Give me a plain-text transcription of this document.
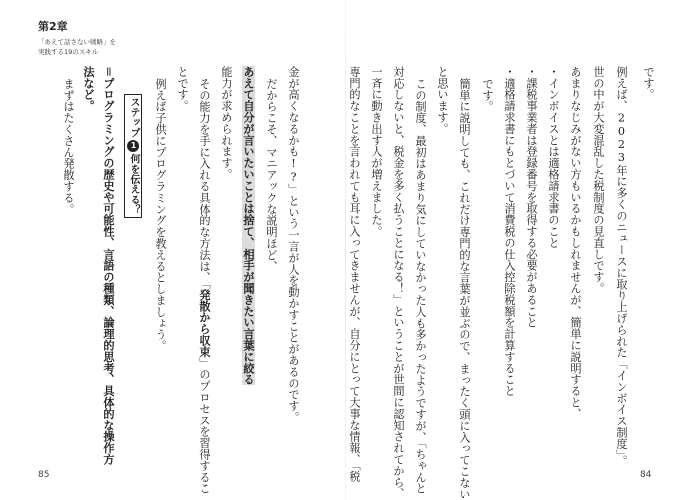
第2章
「あえて話さない戦略」を
実践する19のスキル
です。
例えば、2023年に多くのニュースに取り上げられた「インボイス制度」。
世の中が大変混乱した税制度の見直しです。
あまりなじみがない方もいるかもしれませんが、簡単に説明すると、
・インボイスとは適格請求書のこと
・課税事業者は登録番号を取得する必要があること
・適格請求書にもとづいて消費税の仕入控除税額を計算すること
です。
簡単に説明しても、これだけ専門的な言葉が並ぶので、まったく頭に入ってこない
と思います。
この制度、最初はあまり気にしていなかった人も多かったようですが、「ちゃんと
対応しないと、税金を多く払うことになる！」ということが世間に認知されてから、
一斉に動き出す人が増えました。
専門的なことを言われても耳に入ってきませんが、自分にとって大事な情報、「税
金が高くなるかも!?」という一言が人を動かすことがあるのです。
だからこそ、マニアックな説明ほど、
あえて自分が言いたいことは捨て、相手が聞きたい言葉に絞る
能力が求められます。
その能力を手に入れる具体的な方法は、「発散から収束」のプロセスを習得するこ
とです。
例えば子供にプログラミングを教えるとしましょう。
ステップ1何を伝える？
＝プログラミングの歴史や可能性、言語の種類、論理的思考、具体的な操作方
法など。
まずはたくさん発散する。
85	84
